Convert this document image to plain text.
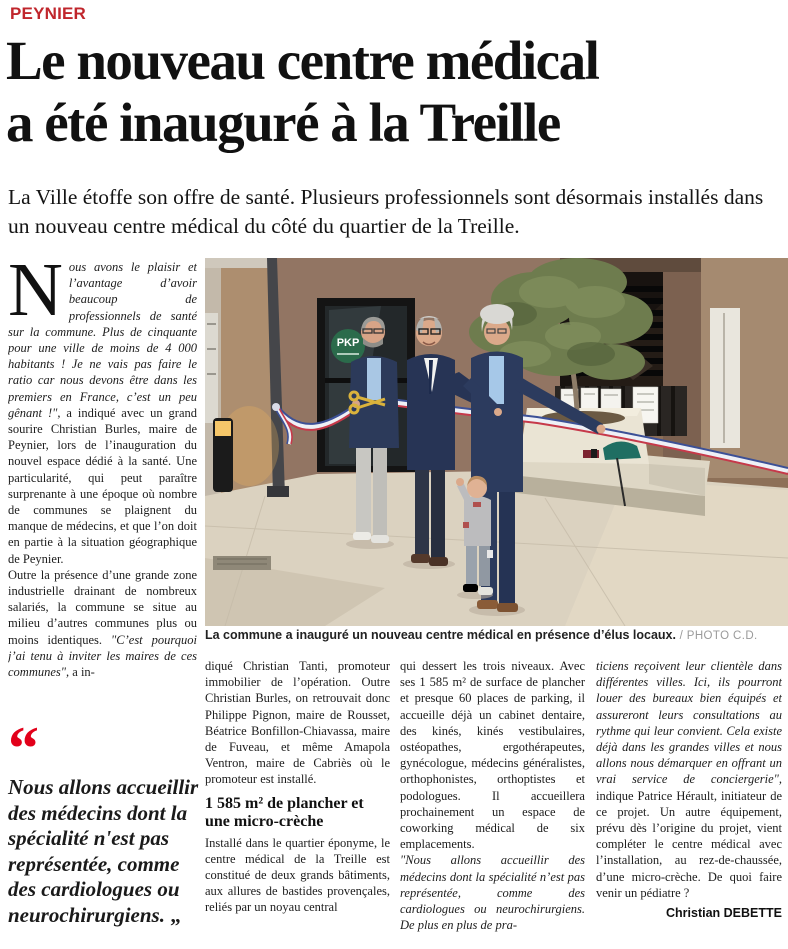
PEYNIER
Le nouveau centre médical
a été inauguré à la Treille

La Ville étoffe son offre de santé. Plusieurs professionnels sont désormais installés dans un nouveau centre médical du côté du quartier de la Treille.

Nous avons le plaisir et l’avantage d’avoir beaucoup de professionnels de santé sur la commune. Plus de cinquante pour une ville de moins de 4 000 habitants ! Je ne vais pas faire le ratio car nous devons être dans les premiers en France, c’est un peu gênant !", a indiqué avec un grand sourire Christian Burles, maire de Peynier, lors de l’inauguration du nouvel espace dédié à la santé. Une particularité, qui peut paraître surprenante à une époque où nombre de communes se plaignent du manque de médecins, et que l’on doit en partie à la situation géographique de Peynier.

Outre la présence d’une grande zone industrielle drainant de nombreux salariés, la commune se situe au milieu d’autres communes plus ou moins identiques. "C’est pourquoi j’ai tenu à inviter les maires de ces communes", a in-

“
Nous allons accueillir des médecins dont la spécialité n'est pas représentée, comme des cardiologues ou neurochirurgiens. „
PKP
La commune a inauguré un nouveau centre médical en présence d’élus locaux. / PHOTO C.D.

diqué Christian Tanti, promoteur immobilier de l’opération. Outre Christian Burles, on retrouvait donc Philippe Pignon, maire de Rousset, Béatrice Bonfillon-Chiavassa, maire de Fuveau, et même Amapola Ventron, maire de Cabriès où le promoteur est installé.

1 585 m² de plancher et une micro-crèche

Installé dans le quartier éponyme, le centre médical de la Treille est constitué de deux grands bâtiments, aux allures de bastides provençales, reliés par un noyau central

qui dessert les trois niveaux. Avec ses 1 585 m² de surface de plancher et presque 60 places de parking, il accueille déjà un cabinet dentaire, des kinés, kinés vestibulaires, ostéopathes, ergothérapeutes, gynécologue, médecins généralistes, orthophonistes, orthoptistes et podologues. Il accueillera prochainement un espace de coworking médical de six emplacements.

"Nous allons accueillir des médecins dont la spécialité n’est pas représentée, comme des cardiologues ou neurochirurgiens. De plus en plus de pra-

ticiens reçoivent leur clientèle dans différentes villes. Ici, ils pourront louer des bureaux bien équipés et assureront leurs consultations au rythme qui leur convient. Cela existe déjà dans les grandes villes et nous allons nous démarquer en offrant un vrai service de conciergerie", indique Patrice Hérault, initiateur de ce projet. Un autre équipement, prévu dès l’origine du projet, vient compléter le centre médical avec l’installation, au rez-de-chaussée, d’une micro-crèche. De quoi faire venir un pédiatre ?

Christian DEBETTE
